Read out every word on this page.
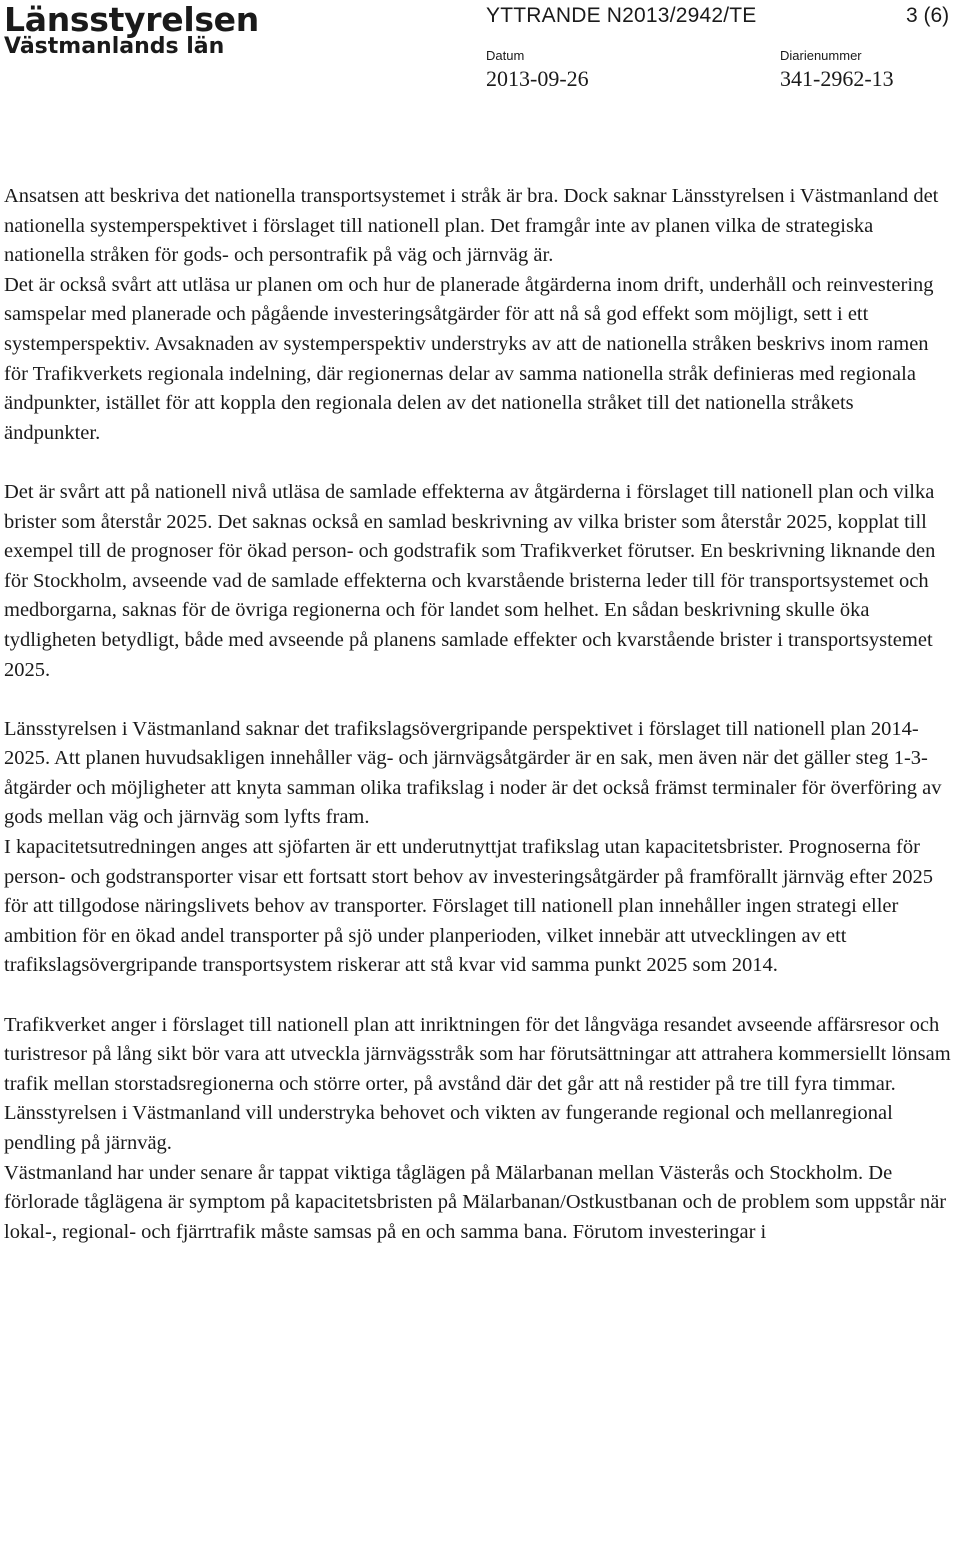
Länsstyrelsen
Västmanlands län
YTTRANDE N2013/2942/TE	3 (6)
Datum
2013-09-26
Diarienummer
341-2962-13

Ansatsen att beskriva det nationella transportsystemet i stråk är bra. Dock saknar Länsstyrelsen i Västmanland det nationella systemperspektivet i förslaget till nationell plan. Det framgår inte av planen vilka de strategiska nationella stråken för gods- och persontrafik på väg och järnväg är.

Det är också svårt att utläsa ur planen om och hur de planerade åtgärderna inom drift, underhåll och reinvestering samspelar med planerade och pågående investeringsåtgärder för att nå så god effekt som möjligt, sett i ett systemperspektiv. Avsaknaden av systemperspektiv understryks av att de nationella stråken beskrivs inom ramen för Trafikverkets regionala indelning, där regionernas delar av samma nationella stråk definieras med regionala ändpunkter, istället för att koppla den regionala delen av det nationella stråket till det nationella stråkets ändpunkter.

Det är svårt att på nationell nivå utläsa de samlade effekterna av åtgärderna i förslaget till nationell plan och vilka brister som återstår 2025. Det saknas också en samlad beskrivning av vilka brister som återstår 2025, kopplat till exempel till de prognoser för ökad person- och godstrafik som Trafikverket förutser. En beskrivning liknande den för Stockholm, avseende vad de samlade effekterna och kvarstående bristerna leder till för transportsystemet och medborgarna, saknas för de övriga regionerna och för landet som helhet. En sådan beskrivning skulle öka tydligheten betydligt, både med avseende på planens samlade effekter och kvarstående brister i transportsystemet 2025.

Länsstyrelsen i Västmanland saknar det trafikslagsövergripande perspektivet i förslaget till nationell plan 2014-2025. Att planen huvudsakligen innehåller väg- och järnvägsåtgärder är en sak, men även när det gäller steg 1-3-åtgärder och möjligheter att knyta samman olika trafikslag i noder är det också främst terminaler för överföring av gods mellan väg och järnväg som lyfts fram.

I kapacitetsutredningen anges att sjöfarten är ett underutnyttjat trafikslag utan kapacitetsbrister. Prognoserna för person- och godstransporter visar ett fortsatt stort behov av investeringsåtgärder på framförallt järnväg efter 2025 för att tillgodose näringslivets behov av transporter. Förslaget till nationell plan innehåller ingen strategi eller ambition för en ökad andel transporter på sjö under planperioden, vilket innebär att utvecklingen av ett trafikslagsövergripande transportsystem riskerar att stå kvar vid samma punkt 2025 som 2014.

Trafikverket anger i förslaget till nationell plan att inriktningen för det långväga resandet avseende affärsresor och turistresor på lång sikt bör vara att utveckla järnvägsstråk som har förutsättningar att attrahera kommersiellt lönsam trafik mellan storstadsregionerna och större orter, på avstånd där det går att nå restider på tre till fyra timmar. Länsstyrelsen i Västmanland vill understryka behovet och vikten av fungerande regional och mellanregional pendling på järnväg.

Västmanland har under senare år tappat viktiga tåglägen på Mälarbanan mellan Västerås och Stockholm. De förlorade tåglägena är symptom på kapacitetsbristen på Mälarbanan/Ostkustbanan och de problem som uppstår när lokal-, regional- och fjärrtrafik måste samsas på en och samma bana. Förutom investeringar i
